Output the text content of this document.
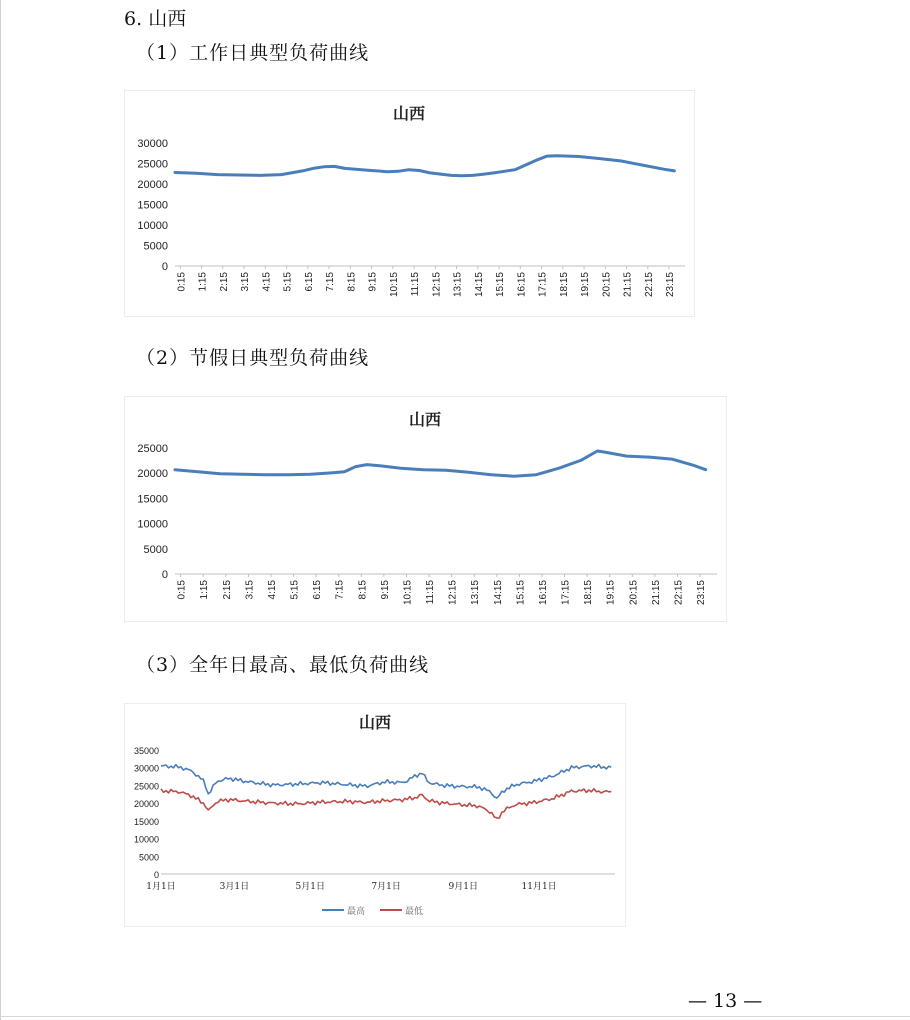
6. 山西
（1）工作日典型负荷曲线
山西
0
5000
10000
15000
20000
25000
30000
0:15 1:15 2:15 3:15 4:15 5:15 6:15 7:15 8:15 9:15 10:15 11:15 12:15 13:15 14:15 15:15 16:15 17:15 18:15 19:15 20:15 21:15 22:15 23:15
（2）节假日典型负荷曲线
山西
0
5000
10000
15000
20000
25000
0:15 1:15 2:15 3:15 4:15 5:15 6:15 7:15 8:15 9:15 10:15 11:15 12:15 13:15 14:15 15:15 16:15 17:15 18:15 19:15 20:15 21:15 22:15 23:15
（3）全年日最高、最低负荷曲线
山西
0
5000
10000
15000
20000
25000
30000
35000
1月1日	3月1日	5月1日	7月1日	9月1日	11月1日
最高	最低
— 13 —
